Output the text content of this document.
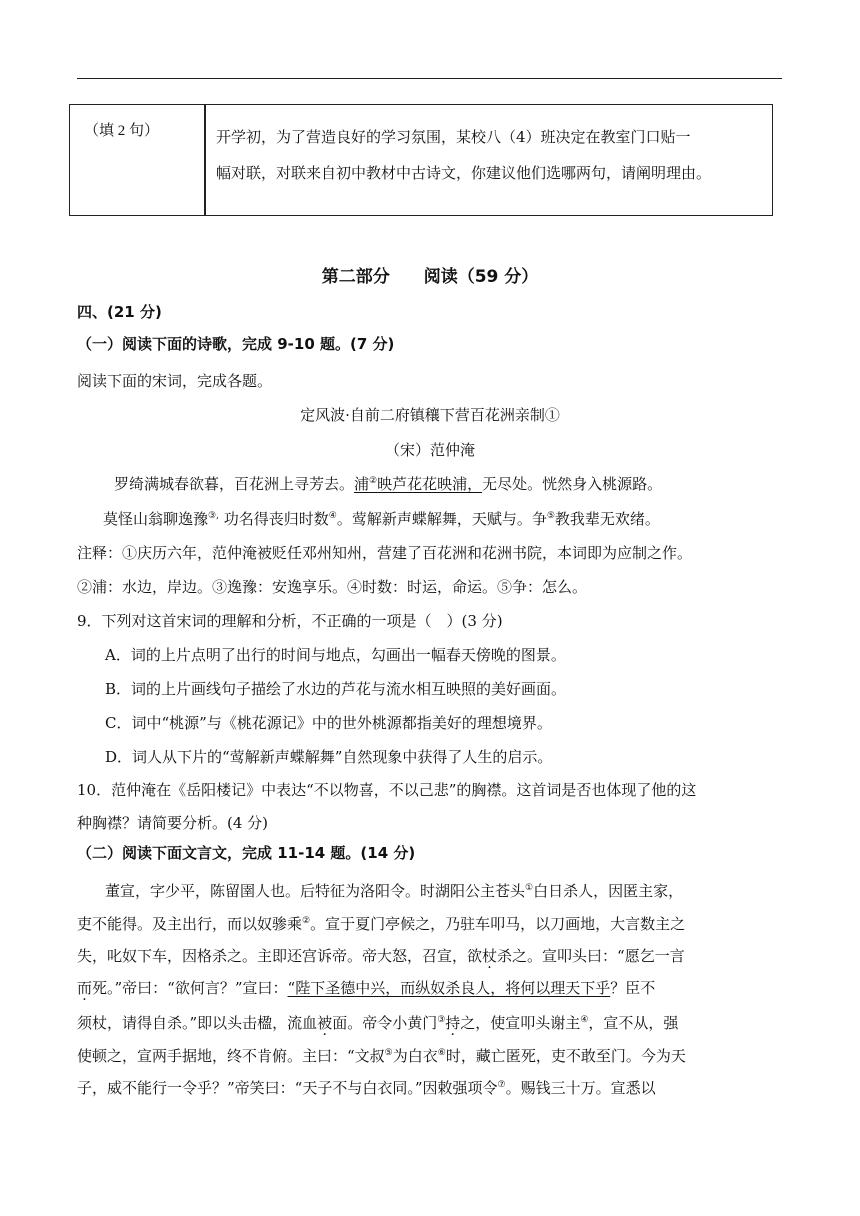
（填 2 句）	开学初，为了营造良好的学习氛围，某校八（4）班决定在教室门口贴一
幅对联，对联来自初中教材中古诗文，你建议他们选哪两句，请阐明理由。
第二部分　　阅读（59 分）
四、(21 分)
（一）阅读下面的诗歌，完成 9-10 题。(7 分)
阅读下面的宋词，完成各题。
定风波·自前二府镇穰下营百花洲亲制①
（宋）范仲淹
罗绮满城春欲暮，百花洲上寻芳去。浦②映芦花花映浦，无尽处。恍然身入桃源路。
莫怪山翁聊逸豫③, 功名得丧归时数④。莺解新声蝶解舞，天赋与。争⑤教我辈无欢绪。
注释：①庆历六年，范仲淹被贬任邓州知州，营建了百花洲和花洲书院，本词即为应制之作。
②浦：水边，岸边。③逸豫：安逸享乐。④时数：时运，命运。⑤争：怎么。
9．下列对这首宋词的理解和分析，不正确的一项是（　）(3 分)
A．词的上片点明了出行的时间与地点，勾画出一幅春天傍晚的图景。
B．词的上片画线句子描绘了水边的芦花与流水相互映照的美好画面。
C．词中“桃源”与《桃花源记》中的世外桃源都指美好的理想境界。
D．词人从下片的“莺解新声蝶解舞”自然现象中获得了人生的启示。
10．范仲淹在《岳阳楼记》中表达“不以物喜，不以己悲”的胸襟。这首词是否也体现了他的这
种胸襟？请简要分析。(4 分)
（二）阅读下面文言文，完成 11-14 题。(14 分)
董宣，字少平，陈留圉人也。后特征为洛阳令。时湖阳公主苍头①白日杀人，因匿主家，
吏不能得。及主出行，而以奴骖乘②。宣于夏门亭候之，乃驻车叩马，以刀画地，大言数主之
失，叱奴下车，因格杀之。主即还宫诉帝。帝大怒，召宣，欲杖杀之。宣叩头曰：“愿乞一言
而死。”帝曰：“欲何言？”宣曰：“陛下圣德中兴，而纵奴杀良人，将何以理天下乎？臣不
须杖，请得自杀。”即以头击楹，流血被面。帝令小黄门③持之，使宣叩头谢主④，宣不从，强
使顿之，宣两手据地，终不肯俯。主曰：“文叔⑤为白衣⑥时，藏亡匿死，吏不敢至门。今为天
子，威不能行一令乎？”帝笑曰：“天子不与白衣同。”因敕强项令⑦。赐钱三十万。宣悉以
